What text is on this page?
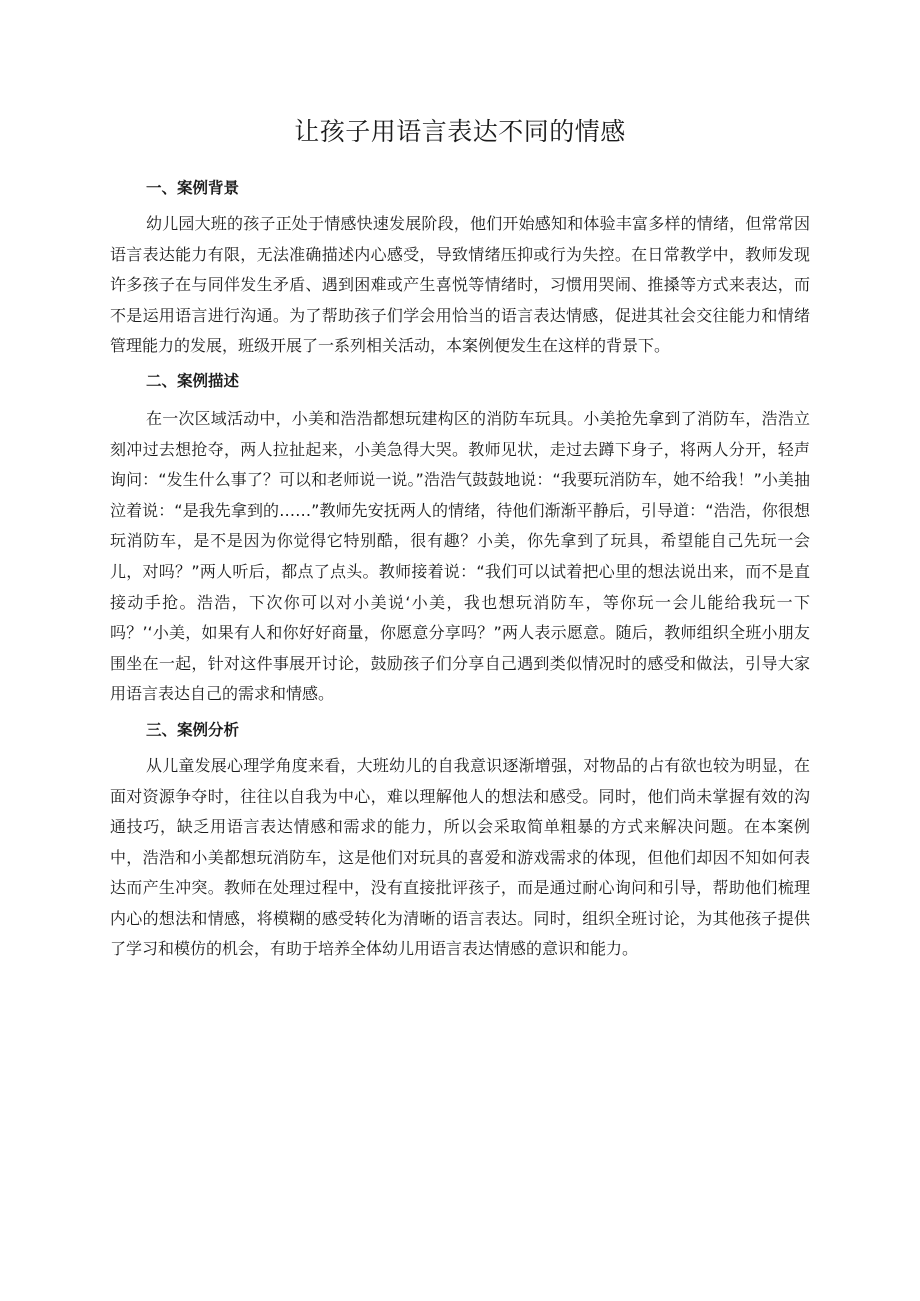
让孩子用语言表达不同的情感
一、案例背景

幼儿园大班的孩子正处于情感快速发展阶段，他们开始感知和体验丰富多样的情绪，但常常因语言表达能力有限，无法准确描述内心感受，导致情绪压抑或行为失控。在日常教学中，教师发现许多孩子在与同伴发生矛盾、遇到困难或产生喜悦等情绪时，习惯用哭闹、推搡等方式来表达，而不是运用语言进行沟通。为了帮助孩子们学会用恰当的语言表达情感，促进其社会交往能力和情绪管理能力的发展，班级开展了一系列相关活动，本案例便发生在这样的背景下。

二、案例描述

在一次区域活动中，小美和浩浩都想玩建构区的消防车玩具。小美抢先拿到了消防车，浩浩立刻冲过去想抢夺，两人拉扯起来，小美急得大哭。教师见状，走过去蹲下身子，将两人分开，轻声询问：“发生什么事了？可以和老师说一说。”浩浩气鼓鼓地说：“我要玩消防车，她不给我！”小美抽泣着说：“是我先拿到的……”教师先安抚两人的情绪，待他们渐渐平静后，引导道：“浩浩，你很想玩消防车，是不是因为你觉得它特别酷，很有趣？小美，你先拿到了玩具，希望能自己先玩一会儿，对吗？”两人听后，都点了点头。教师接着说：“我们可以试着把心里的想法说出来，而不是直接动手抢。浩浩，下次你可以对小美说‘小美，我也想玩消防车，等你玩一会儿能给我玩一下吗？’‘小美，如果有人和你好好商量，你愿意分享吗？”两人表示愿意。随后，教师组织全班小朋友围坐在一起，针对这件事展开讨论，鼓励孩子们分享自己遇到类似情况时的感受和做法，引导大家用语言表达自己的需求和情感。

三、案例分析

从儿童发展心理学角度来看，大班幼儿的自我意识逐渐增强，对物品的占有欲也较为明显，在面对资源争夺时，往往以自我为中心，难以理解他人的想法和感受。同时，他们尚未掌握有效的沟通技巧，缺乏用语言表达情感和需求的能力，所以会采取简单粗暴的方式来解决问题。在本案例中，浩浩和小美都想玩消防车，这是他们对玩具的喜爱和游戏需求的体现，但他们却因不知如何表达而产生冲突。教师在处理过程中，没有直接批评孩子，而是通过耐心询问和引导，帮助他们梳理内心的想法和情感，将模糊的感受转化为清晰的语言表达。同时，组织全班讨论，为其他孩子提供了学习和模仿的机会，有助于培养全体幼儿用语言表达情感的意识和能力。
